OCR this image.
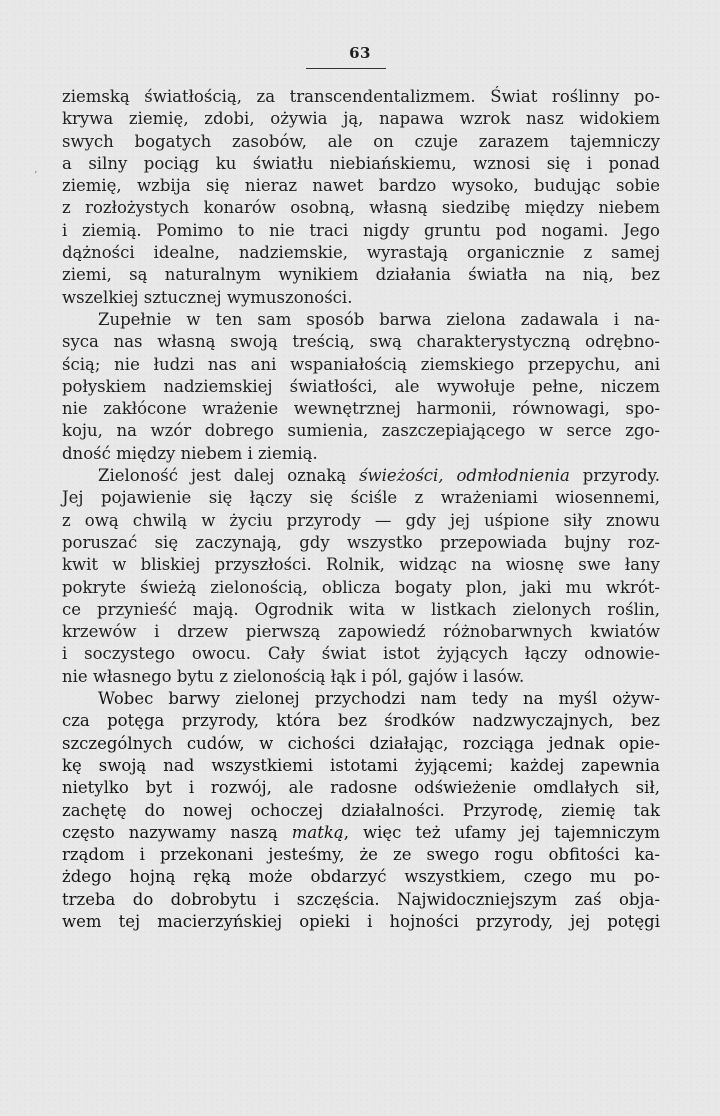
63
ʼ
ziemską światłością, za transcendentalizmem. Świat roślinny po-
krywa ziemię, zdobi, ożywia ją, napawa wzrok nasz widokiem
swych bogatych zasobów, ale on czuje zarazem tajemniczy
a silny pociąg ku światłu niebiańskiemu, wznosi się i ponad
ziemię, wzbija się nieraz nawet bardzo wysoko, budując sobie
z rozłożystych konarów osobną, własną siedzibę między niebem
i ziemią. Pomimo to nie traci nigdy gruntu pod nogami. Jego
dążności idealne, nadziemskie, wyrastają organicznie z samej
ziemi, są naturalnym wynikiem działania światła na nią, bez
wszelkiej sztucznej wymuszoności.
Zupełnie w ten sam sposób barwa zielona zadawala i na-
syca nas własną swoją treścią, swą charakterystyczną odrębno-
ścią; nie łudzi nas ani wspaniałością ziemskiego przepychu, ani
połyskiem nadziemskiej światłości, ale wywołuje pełne, niczem
nie zakłócone wrażenie wewnętrznej harmonii, równowagi, spo-
koju, na wzór dobrego sumienia, zaszczepiającego w serce zgo-
dność między niebem i ziemią.
Zieloność jest dalej oznaką świeżości, odmłodnienia przyrody.
Jej pojawienie się łączy się ściśle z wrażeniami wiosennemi,
z ową chwilą w życiu przyrody — gdy jej uśpione siły znowu
poruszać się zaczynają, gdy wszystko przepowiada bujny roz-
kwit w bliskiej przyszłości. Rolnik, widząc na wiosnę swe łany
pokryte świeżą zielonością, oblicza bogaty plon, jaki mu wkrót-
ce przynieść mają. Ogrodnik wita w listkach zielonych roślin,
krzewów i drzew pierwszą zapowiedź różnobarwnych kwiatów
i soczystego owocu. Cały świat istot żyjących łączy odnowie-
nie własnego bytu z zielonością łąk i pól, gajów i lasów.
Wobec barwy zielonej przychodzi nam tedy na myśl ożyw-
cza potęga przyrody, która bez środków nadzwyczajnych, bez
szczególnych cudów, w cichości działając, rozciąga jednak opie-
kę swoją nad wszystkiemi istotami żyjącemi; każdej zapewnia
nietylko byt i rozwój, ale radosne odświeżenie omdlałych sił,
zachętę do nowej ochoczej działalności. Przyrodę, ziemię tak
często nazywamy naszą matką, więc też ufamy jej tajemniczym
rządom i przekonani jesteśmy, że ze swego rogu obfitości ka-
żdego hojną ręką może obdarzyć wszystkiem, czego mu po-
trzeba do dobrobytu i szczęścia. Najwidoczniejszym zaś obja-
wem tej macierzyńskiej opieki i hojności przyrody, jej potęgi
